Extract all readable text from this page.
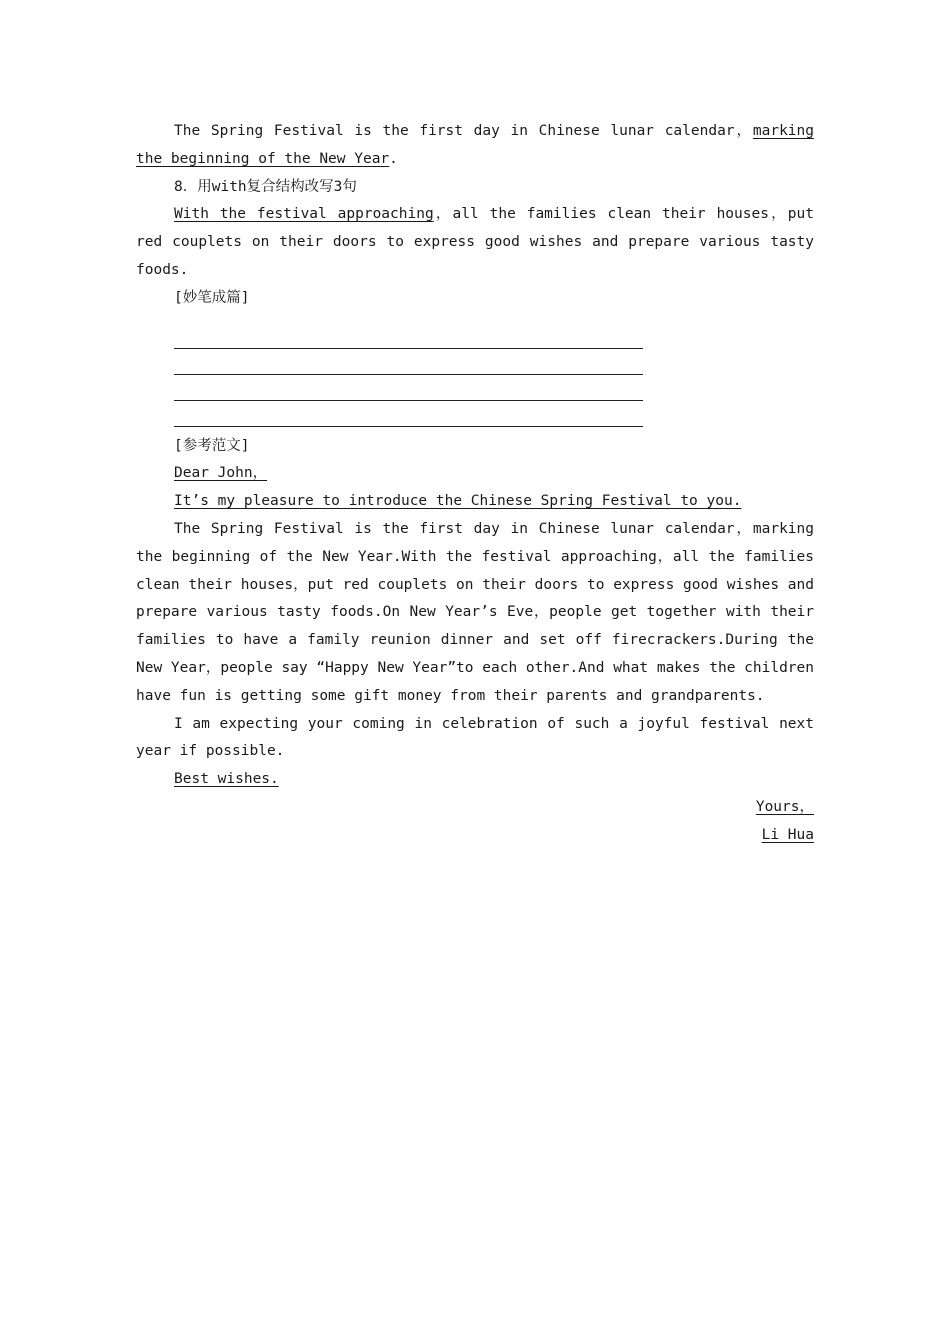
The Spring Festival is the first day in Chinese lunar calendar，marking the beginning of the New Year.

8．用with复合结构改写3句

With the festival approaching，all the families clean their houses，put red couplets on their doors to express good wishes and prepare various tasty foods.

[妙笔成篇]

[参考范文]

Dear John，

It’s my pleasure to introduce the Chinese Spring Festival to you.

The Spring Festival is the first day in Chinese lunar calendar，marking the beginning of the New Year.With the festival approaching，all the families clean their houses，put red couplets on their doors to express good wishes and prepare various tasty foods.On New Year’s Eve，people get together with their families to have a family reunion dinner and set off firecrackers.During the New Year，people say “Happy New Year”to each other.And what makes the children have fun is getting some gift money from their parents and grandparents.

I am expecting your coming in celebration of such a joyful festival next year if possible.

Best wishes.

Yours，

Li Hua
